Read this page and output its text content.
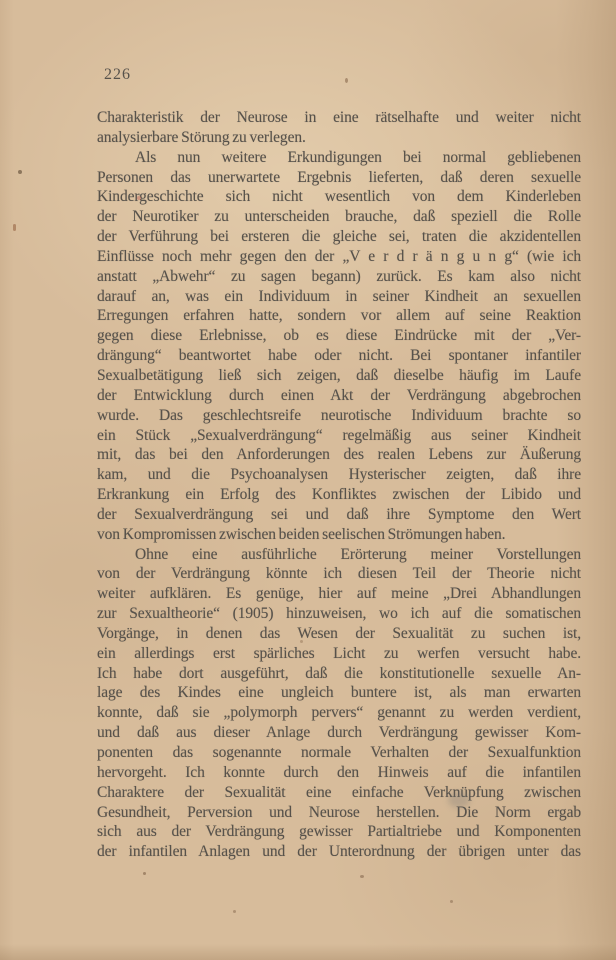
226
Charakteristik der Neurose in eine rätselhafte und weiter nicht
analysierbare Störung zu verlegen.
Als nun weitere Erkundigungen bei normal gebliebenen
Personen das unerwartete Ergebnis lieferten, daß deren sexuelle
Kindergeschichte sich nicht wesentlich von dem Kinderleben
der Neurotiker zu unterscheiden brauche, daß speziell die Rolle
der Verführung bei ersteren die gleiche sei, traten die akzidentellen
Einflüsse noch mehr gegen den der „V e r d r ä n g u n g“ (wie ich
anstatt „Abwehr“ zu sagen begann) zurück. Es kam also nicht
darauf an, was ein Individuum in seiner Kindheit an sexuellen
Erregungen erfahren hatte, sondern vor allem auf seine Reaktion
gegen diese Erlebnisse, ob es diese Eindrücke mit der „Ver-
drängung“ beantwortet habe oder nicht. Bei spontaner infantiler
Sexualbetätigung ließ sich zeigen, daß dieselbe häufig im Laufe
der Entwicklung durch einen Akt der Verdrängung abgebrochen
wurde. Das geschlechtsreife neurotische Individuum brachte so
ein Stück „Sexualverdrängung“ regelmäßig aus seiner Kindheit
mit, das bei den Anforderungen des realen Lebens zur Äußerung
kam, und die Psychoanalysen Hysterischer zeigten, daß ihre
Erkrankung ein Erfolg des Konfliktes zwischen der Libido und
der Sexualverdrängung sei und daß ihre Symptome den Wert
von Kompromissen zwischen beiden seelischen Strömungen haben.
Ohne eine ausführliche Erörterung meiner Vorstellungen
von der Verdrängung könnte ich diesen Teil der Theorie nicht
weiter aufklären. Es genüge, hier auf meine „Drei Abhandlungen
zur Sexualtheorie“ (1905) hinzuweisen, wo ich auf die somatischen
Vorgänge, in denen das Wesen der Sexualität zu suchen ist,
ein allerdings erst spärliches Licht zu werfen versucht habe.
Ich habe dort ausgeführt, daß die konstitutionelle sexuelle An-
lage des Kindes eine ungleich buntere ist, als man erwarten
konnte, daß sie „polymorph pervers“ genannt zu werden verdient,
und daß aus dieser Anlage durch Verdrängung gewisser Kom-
ponenten das sogenannte normale Verhalten der Sexualfunktion
hervorgeht. Ich konnte durch den Hinweis auf die infantilen
Charaktere der Sexualität eine einfache Verknüpfung zwischen
Gesundheit, Perversion und Neurose herstellen. Die Norm ergab
sich aus der Verdrängung gewisser Partialtriebe und Komponenten
der infantilen Anlagen und der Unterordnung der übrigen unter das
